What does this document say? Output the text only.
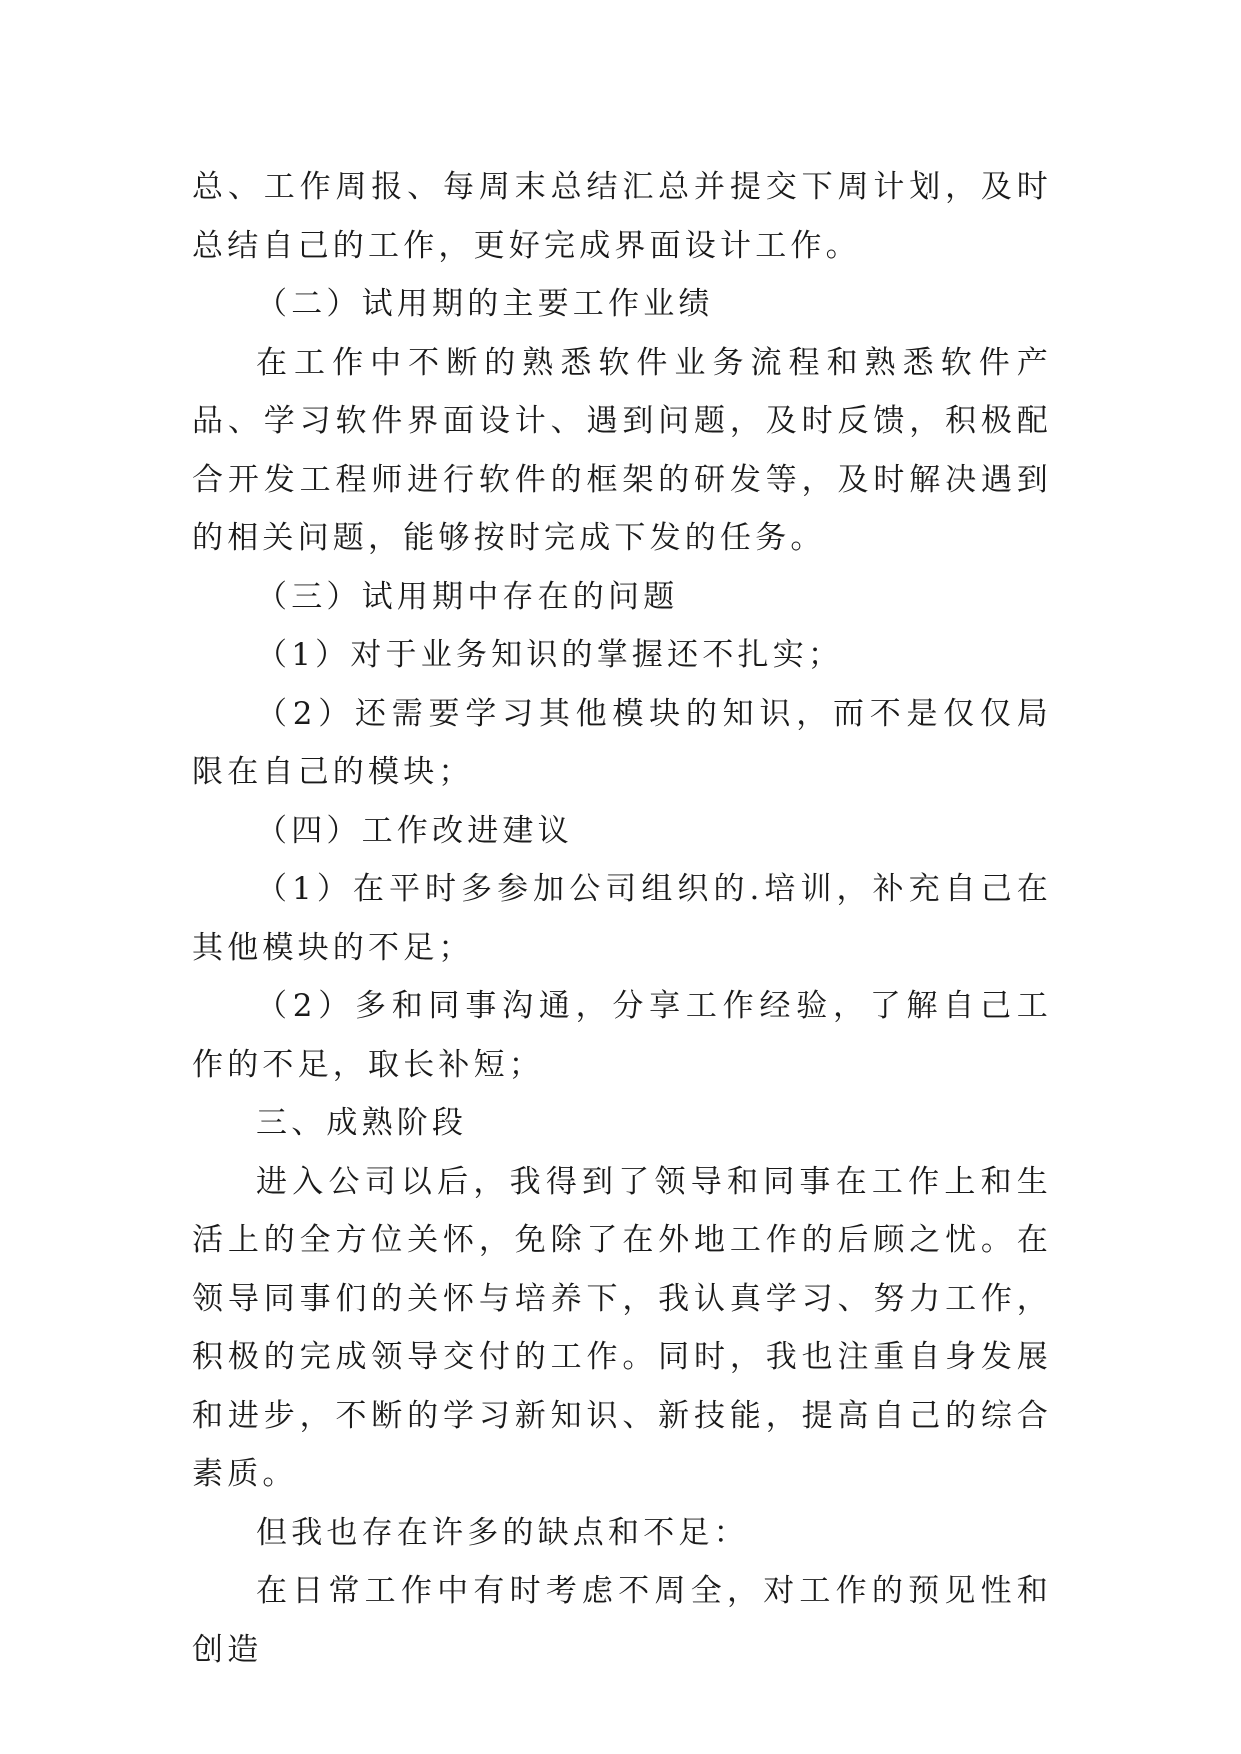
总、工作周报、每周末总结汇总并提交下周计划，及时总结自己的工作，更好完成界面设计工作。

（二）试用期的主要工作业绩

在工作中不断的熟悉软件业务流程和熟悉软件产品、学习软件界面设计、遇到问题，及时反馈，积极配合开发工程师进行软件的框架的研发等，及时解决遇到的相关问题，能够按时完成下发的任务。

（三）试用期中存在的问题

（1）对于业务知识的掌握还不扎实；

（2）还需要学习其他模块的知识，而不是仅仅局限在自己的模块；

（四）工作改进建议

（1）在平时多参加公司组织的.培训，补充自己在其他模块的不足；

（2）多和同事沟通，分享工作经验，了解自己工作的不足，取长补短；

三、成熟阶段

进入公司以后，我得到了领导和同事在工作上和生活上的全方位关怀，免除了在外地工作的后顾之忧。在领导同事们的关怀与培养下，我认真学习、努力工作，积极的完成领导交付的工作。同时，我也注重自身发展和进步，不断的学习新知识、新技能，提高自己的综合素质。

但我也存在许多的缺点和不足：

在日常工作中有时考虑不周全，对工作的预见性和创造
